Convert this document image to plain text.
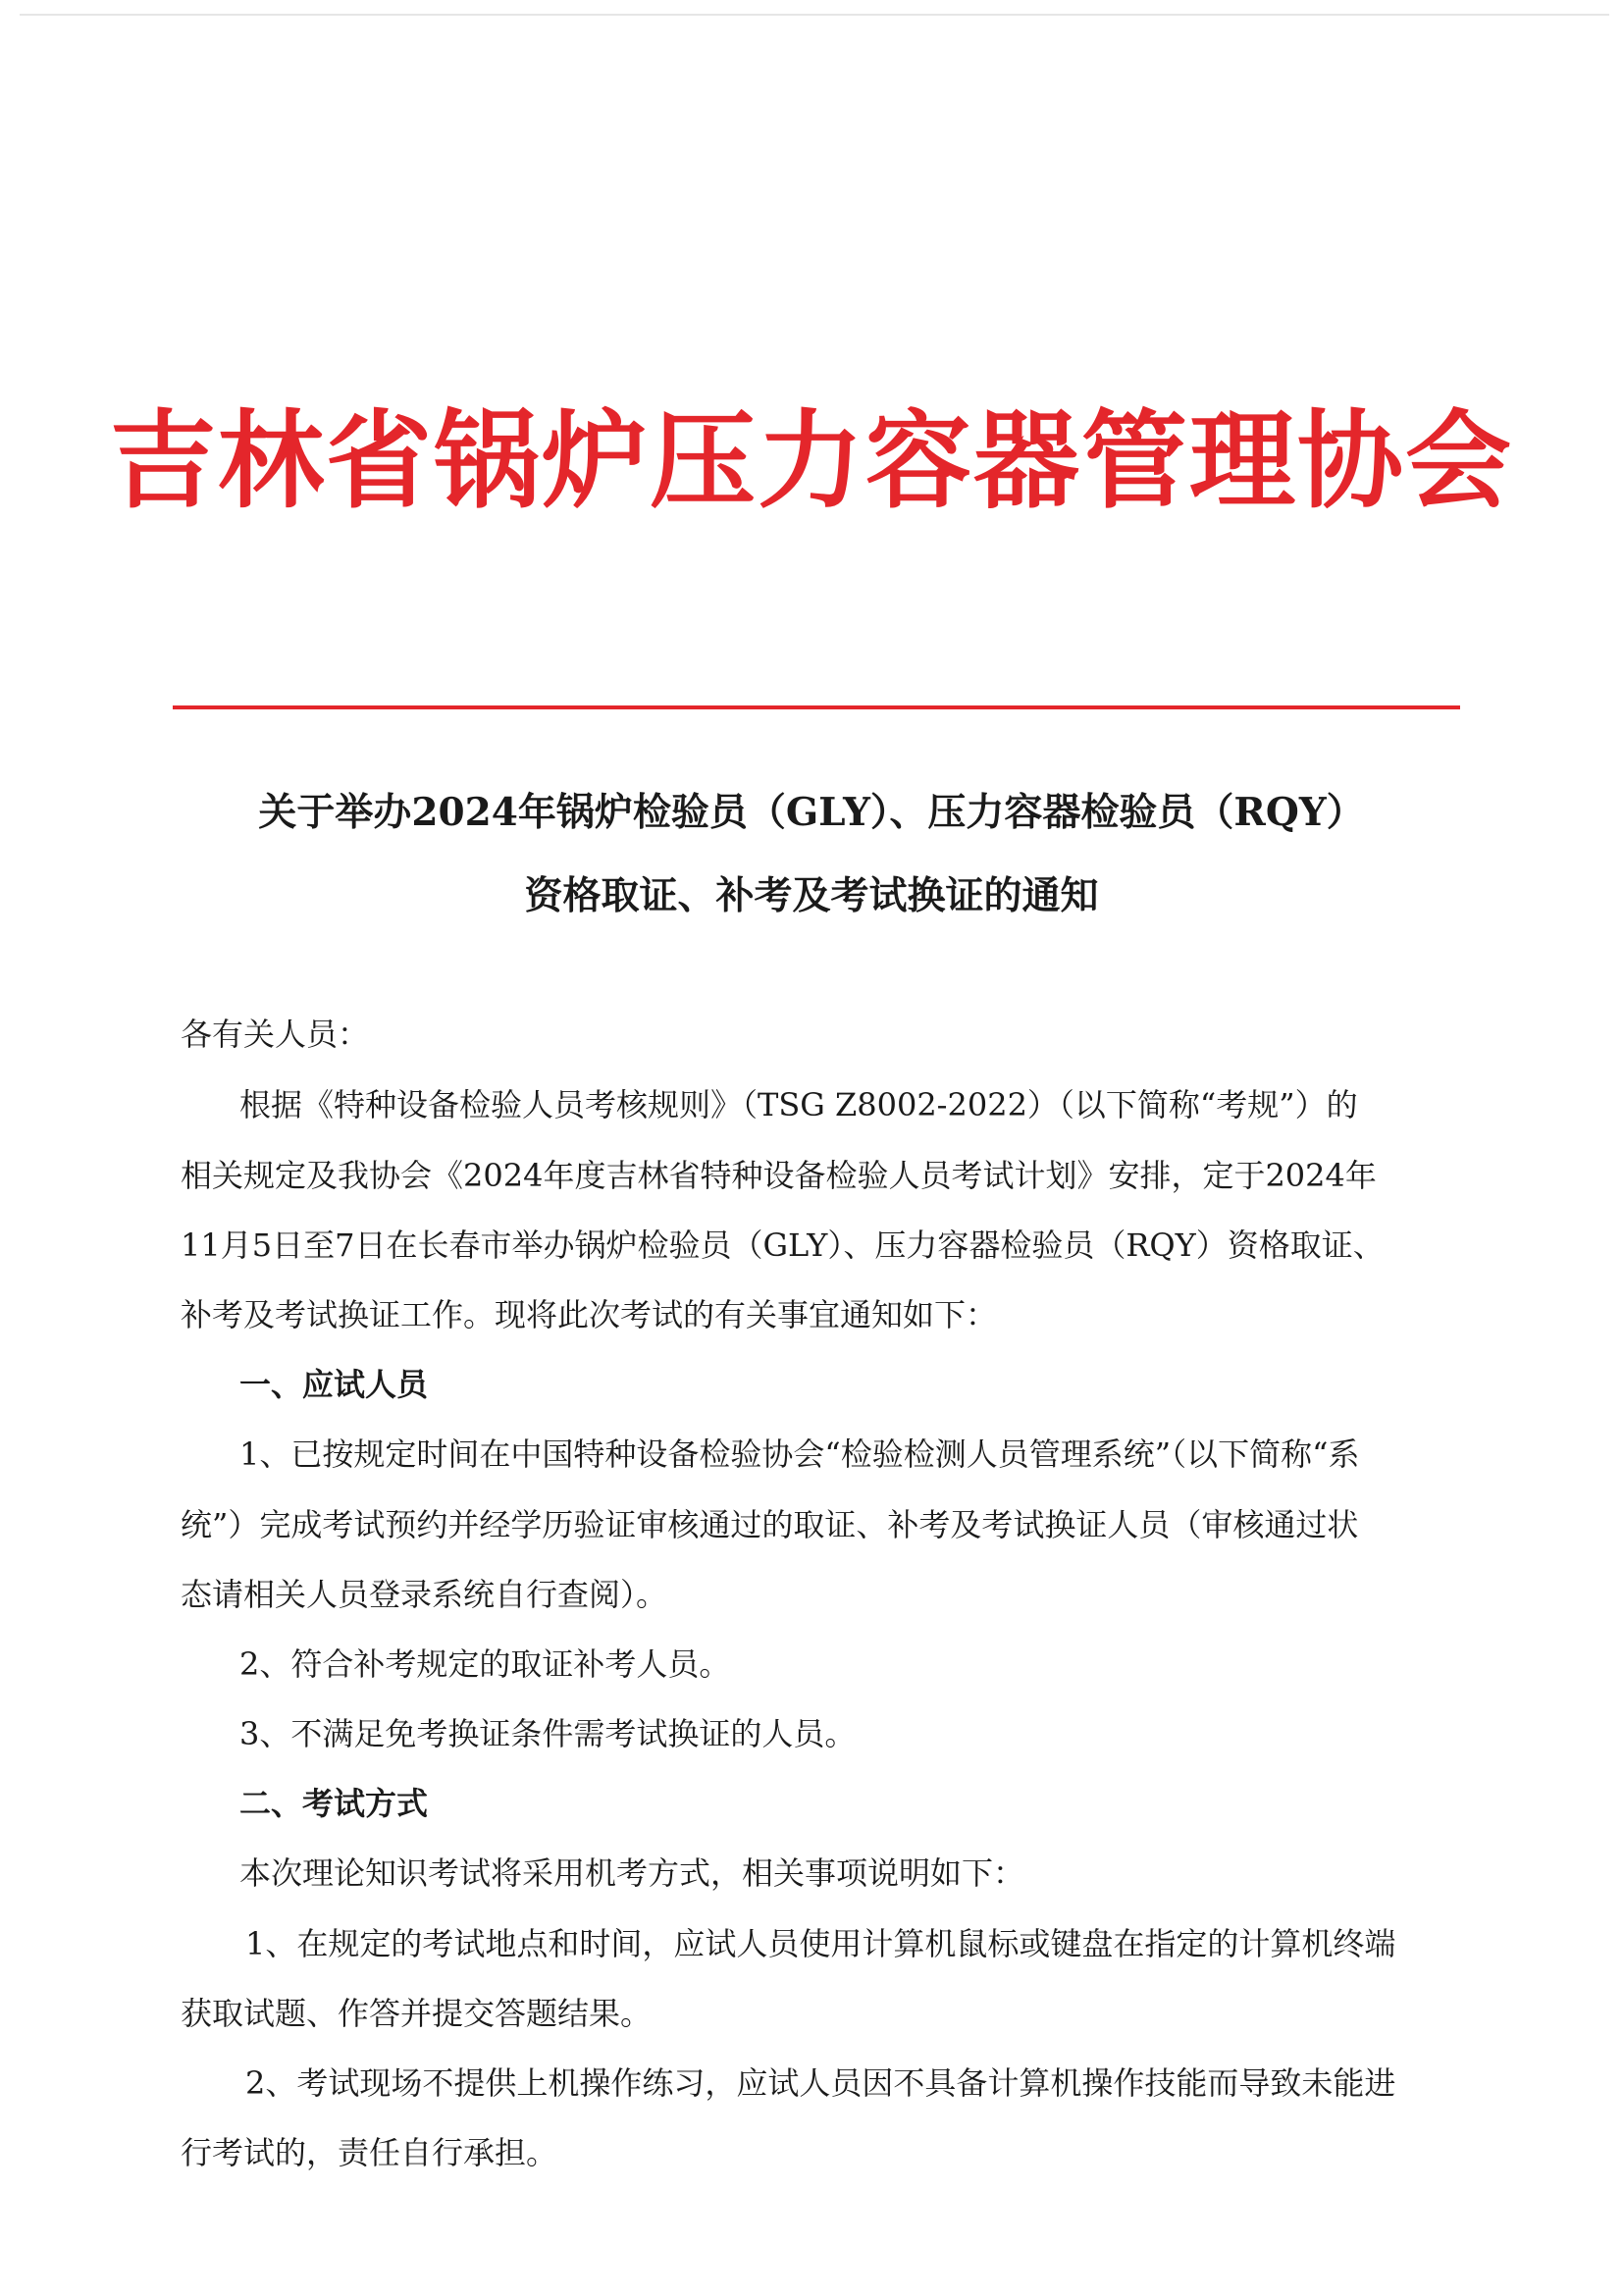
吉林省锅炉压力容器管理协会
关于举办2024年锅炉检验员（GLY）、压力容器检验员（RQY）
资格取证、补考及考试换证的通知
各有关人员：
根据《特种设备检验人员考核规则》（TSG Z8002-2022）（以下简称“考规”）的
相关规定及我协会《2024年度吉林省特种设备检验人员考试计划》安排，定于2024年
11月5日至7日在长春市举办锅炉检验员（GLY）、压力容器检验员（RQY）资格取证、
补考及考试换证工作。现将此次考试的有关事宜通知如下：
一、应试人员
1、已按规定时间在中国特种设备检验协会“检验检测人员管理系统”（以下简称“系
统”）完成考试预约并经学历验证审核通过的取证、补考及考试换证人员（审核通过状
态请相关人员登录系统自行查阅）。
2、符合补考规定的取证补考人员。
3、不满足免考换证条件需考试换证的人员。
二、考试方式
本次理论知识考试将采用机考方式，相关事项说明如下：
1、在规定的考试地点和时间，应试人员使用计算机鼠标或键盘在指定的计算机终端
获取试题、作答并提交答题结果。
2、考试现场不提供上机操作练习，应试人员因不具备计算机操作技能而导致未能进
行考试的，责任自行承担。
